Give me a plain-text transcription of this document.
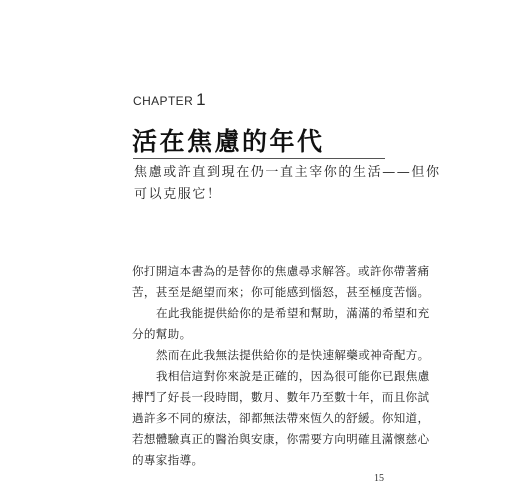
CHAPTER 1
活在焦慮的年代
焦慮或許直到現在仍一直主宰你的生活——但你
可以克服它！
你打開這本書為的是替你的焦慮尋求解答。或許你帶著痛
苦，甚至是絕望而來；你可能感到惱怒，甚至極度苦惱。
在此我能提供給你的是希望和幫助，滿滿的希望和充
分的幫助。
然而在此我無法提供給你的是快速解藥或神奇配方。
我相信這對你來說是正確的，因為很可能你已跟焦慮
搏鬥了好長一段時間，數月、數年乃至數十年，而且你試
過許多不同的療法，卻都無法帶來恆久的舒緩。你知道，
若想體驗真正的醫治與安康，你需要方向明確且滿懷慈心
的專家指導。
15
